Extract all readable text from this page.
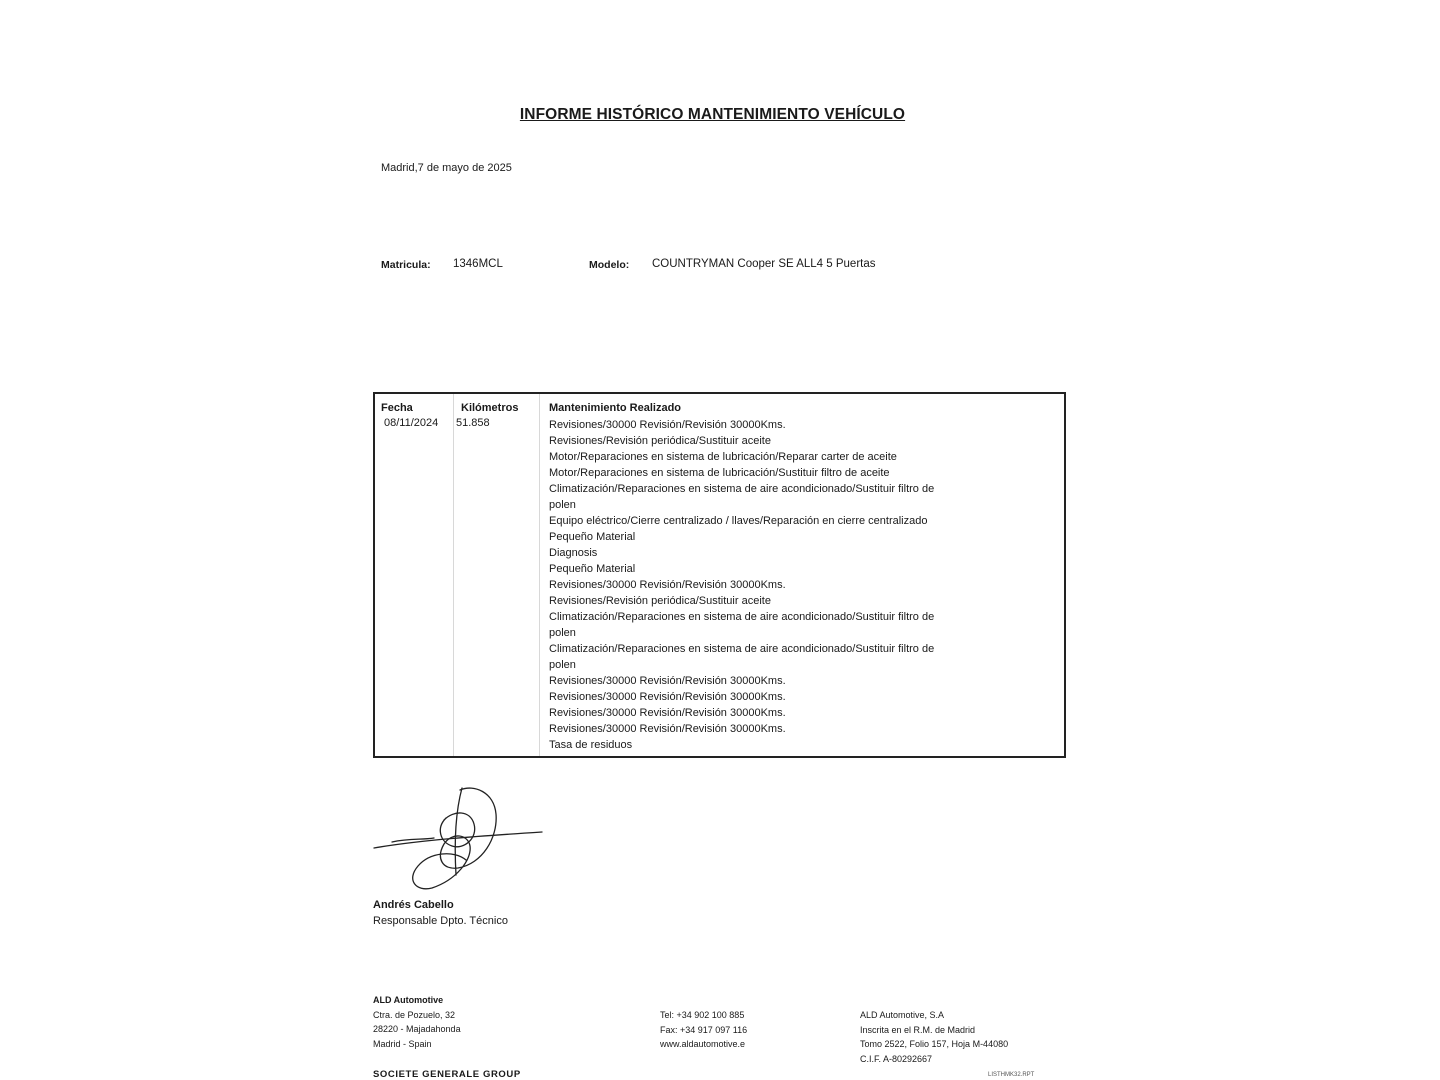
INFORME HISTÓRICO MANTENIMIENTO VEHÍCULO
Madrid,7 de mayo de 2025
Matricula: 1346MCL	Modelo: COUNTRYMAN Cooper SE ALL4 5 Puertas
Fecha	Kilómetros	Mantenimiento Realizado
08/11/2024 51.858	Revisiones/30000 Revisión/Revisión 30000Kms.
Revisiones/Revisión periódica/Sustituir aceite
Motor/Reparaciones en sistema de lubricación/Reparar carter de aceite
Motor/Reparaciones en sistema de lubricación/Sustituir filtro de aceite
Climatización/Reparaciones en sistema de aire acondicionado/Sustituir filtro de
polen
Equipo eléctrico/Cierre centralizado / llaves/Reparación en cierre centralizado
Pequeño Material
Diagnosis
Pequeño Material
Revisiones/30000 Revisión/Revisión 30000Kms.
Revisiones/Revisión periódica/Sustituir aceite
Climatización/Reparaciones en sistema de aire acondicionado/Sustituir filtro de
polen
Climatización/Reparaciones en sistema de aire acondicionado/Sustituir filtro de
polen
Revisiones/30000 Revisión/Revisión 30000Kms.
Revisiones/30000 Revisión/Revisión 30000Kms.
Revisiones/30000 Revisión/Revisión 30000Kms.
Revisiones/30000 Revisión/Revisión 30000Kms.
Tasa de residuos
Andrés Cabello
Responsable Dpto. Técnico
ALD Automotive
Ctra. de Pozuelo, 32
28220 - Majadahonda
Madrid - Spain
Tel: +34 902 100 885
Fax: +34 917 097 116
www.aldautomotive.e
ALD Automotive, S.A
Inscrita en el R.M. de Madrid
Tomo 2522, Folio 157, Hoja M-44080
C.I.F. A-80292667
SOCIETE GENERALE GROUP	LISTHMK32.RPT
